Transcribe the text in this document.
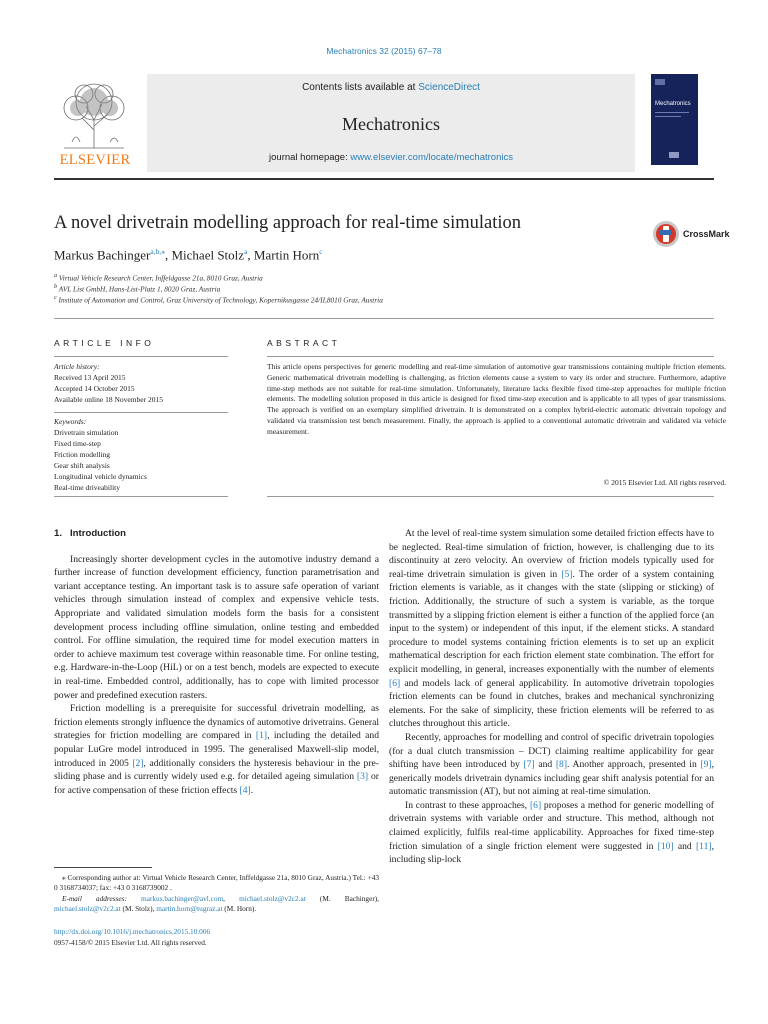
Mechatronics 32 (2015) 67–78
ELSEVIER
Contents lists available at ScienceDirect
Mechatronics
journal homepage: www.elsevier.com/locate/mechatronics
Mechatronics
A novel drivetrain modelling approach for real-time simulation
CrossMark
Markus Bachinger$^{a,b,⁎}$, Michael Stolz$^a$, Martin Horn$^c$
$^a$ Virtual Vehicle Research Center, Inffeldgasse 21a, 8010 Graz, Austria
$^b$ AVL List GmbH, Hans-List-Platz 1, 8020 Graz, Austria
$^c$ Institute of Automation and Control, Graz University of Technology, Kopernikusgasse 24/II,8010 Graz, Austria
ARTICLE INFO
Article history:
Received 13 April 2015
Accepted 14 October 2015
Available online 18 November 2015
Keywords:
Drivetrain simulation
Fixed time-step
Friction modelling
Gear shift analysis
Longitudinal vehicle dynamics
Real-time driveability
ABSTRACT
This article opens perspectives for generic modelling and real-time simulation of automotive gear transmissions containing multiple friction elements. Generic mathematical drivetrain modelling is challenging, as friction elements cause a system to vary its order and structure. Furthermore, adaptive time-step methods are not suitable for real-time simulation. Unfortunately, literature lacks flexible fixed time-step approaches for multiple friction elements. The modelling solution proposed in this article is designed for fixed time-step execution and is applicable to all types of gear transmissions. The approach is verified on an exemplary simplified drivetrain. It is demonstrated on a complex hybrid-electric automatic drivetrain topology and validated via transmission test bench measurement. Finally, the approach is applied to a conventional automatic drivetrain and validated via vehicle measurement.
© 2015 Elsevier Ltd. All rights reserved.
1. Introduction

Increasingly shorter development cycles in the automotive industry demand a further increase of function development efficiency, function parametrisation and variant acceptance testing. An important task is to assure safe operation of variant vehicles through simulation instead of complex and expensive vehicle tests. Appropriate and validated simulation models form the basis for a consistent development process including offline simulation, online testing and embedded control. For offline simulation, the required time for model execution matters in order to achieve maximum test coverage within reasonable time. For online testing, e.g. Hardware-in-the-Loop (HiL) or on a test bench, models are expected to execute in real-time. Embedded control, additionally, has to cope with limited processor power and predefined execution rasters.

Friction modelling is a prerequisite for successful drivetrain modelling, as friction elements strongly influence the dynamics of automotive drivetrains. General strategies for friction modelling are compared in [1], including the detailed and popular LuGre model introduced in 1995. The generalised Maxwell-slip model, introduced in 2005 [2], additionally considers the hysteresis behaviour in the pre-sliding phase and is currently widely used e.g. for detailed ageing simulation [3] or for active compensation of these friction effects [4].

At the level of real-time system simulation some detailed friction effects have to be neglected. Real-time simulation of friction, however, is challenging due to its discontinuity at zero velocity. An overview of friction models typically used for real-time drivetrain simulation is given in [5]. The order of a system containing friction elements is variable, as it changes with the state (slipping or sticking) of friction. Additionally, the structure of such a system is variable, as the torque transmitted by a slipping friction element is either a function of the applied force (an input to the system) or independent of this input, if the element sticks. A standard procedure to model systems containing friction elements is to set up an explicit mathematical description for each friction element state combination. The effort for explicit modelling, in general, increases exponentially with the number of elements [6] and models lack of general applicability. In automotive drivetrain topologies friction elements can be found in clutches, brakes and mechanical synchronizing elements. For the sake of simplicity, these friction elements will be referred to as clutches throughout this article.

Recently, approaches for modelling and control of specific drivetrain topologies (for a dual clutch transmission – DCT) claiming realtime applicability for gear shifting have been introduced by [7] and [8]. Another approach, presented in [9], generically models drivetrain dynamics including gear shift analysis potential for an automatic transmission (AT), but not aiming at real-time simulation.

In contrast to these approaches, [6] proposes a method for generic modelling of drivetrain systems with variable order and structure. This method, although not claimed explicitly, fulfils real-time applicability. Approaches for fixed time-step friction simulation of a single friction element were suggested in [10] and [11], including slip-lock

⁎ Corresponding author at: Virtual Vehicle Research Center, Inffeldgasse 21a, 8010 Graz, Austria.) Tel.: +43 0 3168734037; fax: +43 0 3168739002 .

E-mail addresses: markus.bachinger@avl.com, michael.stolz@v2c2.at (M. Bachinger), michael.stolz@v2c2.at (M. Stolz), martin.horn@tugraz.at (M. Horn).

http://dx.doi.org/10.1016/j.mechatronics.2015.10.006
0957-4158/© 2015 Elsevier Ltd. All rights reserved.
